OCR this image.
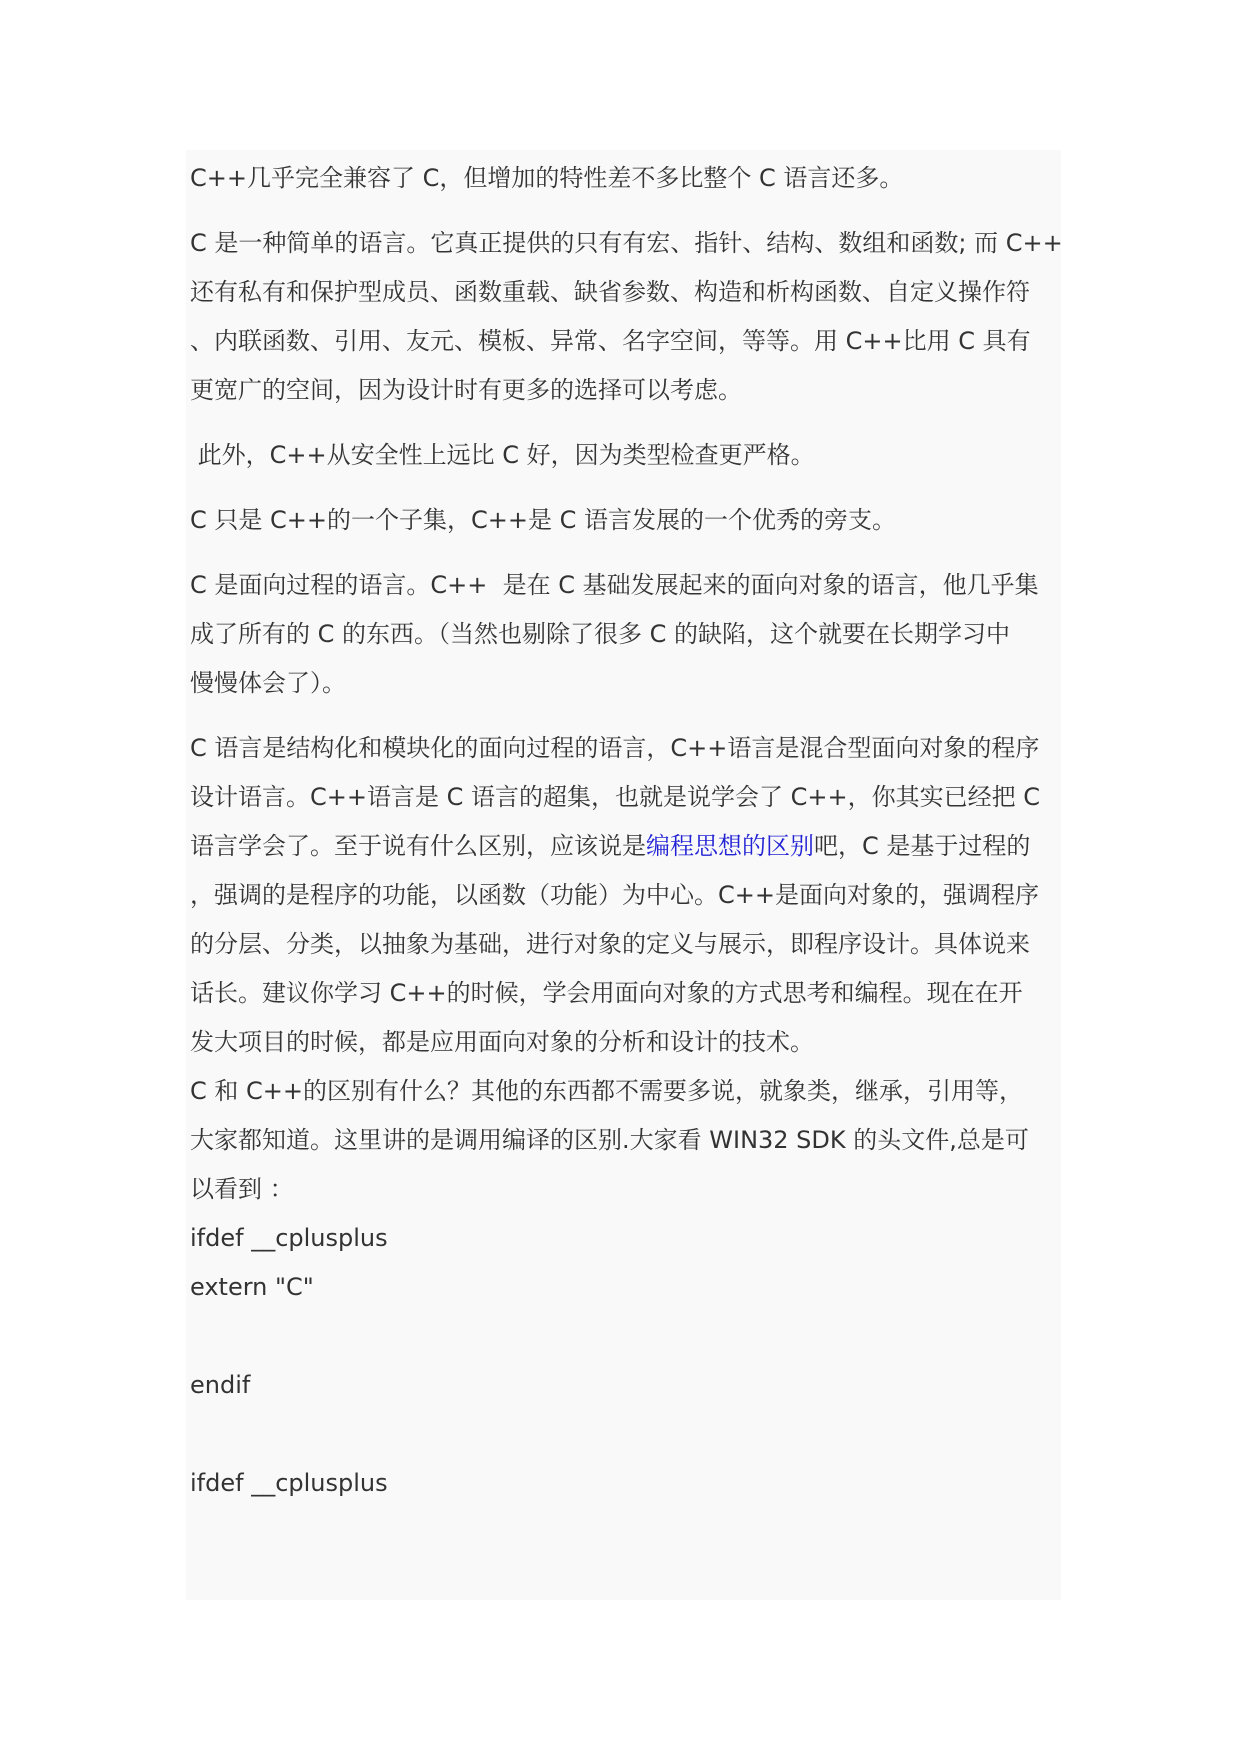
C++几乎完全兼容了 C，但增加的特性差不多比整个 C 语言还多。
C 是一种简单的语言。它真正提供的只有有宏、指针、结构、数组和函数; 而 C++
还有私有和保护型成员、函数重载、缺省参数、构造和析构函数、自定义操作符
、内联函数、引用、友元、模板、异常、名字空间，等等。用 C++比用 C 具有
更宽广的空间，因为设计时有更多的选择可以考虑。
此外，C++从安全性上远比 C 好，因为类型检查更严格。
C 只是 C++的一个子集，C++是 C 语言发展的一个优秀的旁支。
C 是面向过程的语言。C++  是在 C 基础发展起来的面向对象的语言，他几乎集
成了所有的 C 的东西。（当然也剔除了很多 C 的缺陷，这个就要在长期学习中
慢慢体会了）。
C 语言是结构化和模块化的面向过程的语言，C++语言是混合型面向对象的程序
设计语言。C++语言是 C 语言的超集，也就是说学会了 C++，你其实已经把 C
语言学会了。至于说有什么区别，应该说是编程思想的区别吧，C 是基于过程的
，强调的是程序的功能，以函数（功能）为中心。C++是面向对象的，强调程序
的分层、分类，以抽象为基础，进行对象的定义与展示，即程序设计。具体说来
话长。建议你学习 C++的时候，学会用面向对象的方式思考和编程。现在在开
发大项目的时候，都是应用面向对象的分析和设计的技术。
C 和 C++的区别有什么？其他的东西都不需要多说，就象类，继承，引用等，
大家都知道。这里讲的是调用编译的区别.大家看 WIN32 SDK 的头文件,总是可
以看到 ：
ifdef __cplusplus
extern "C"
endif
ifdef __cplusplus
